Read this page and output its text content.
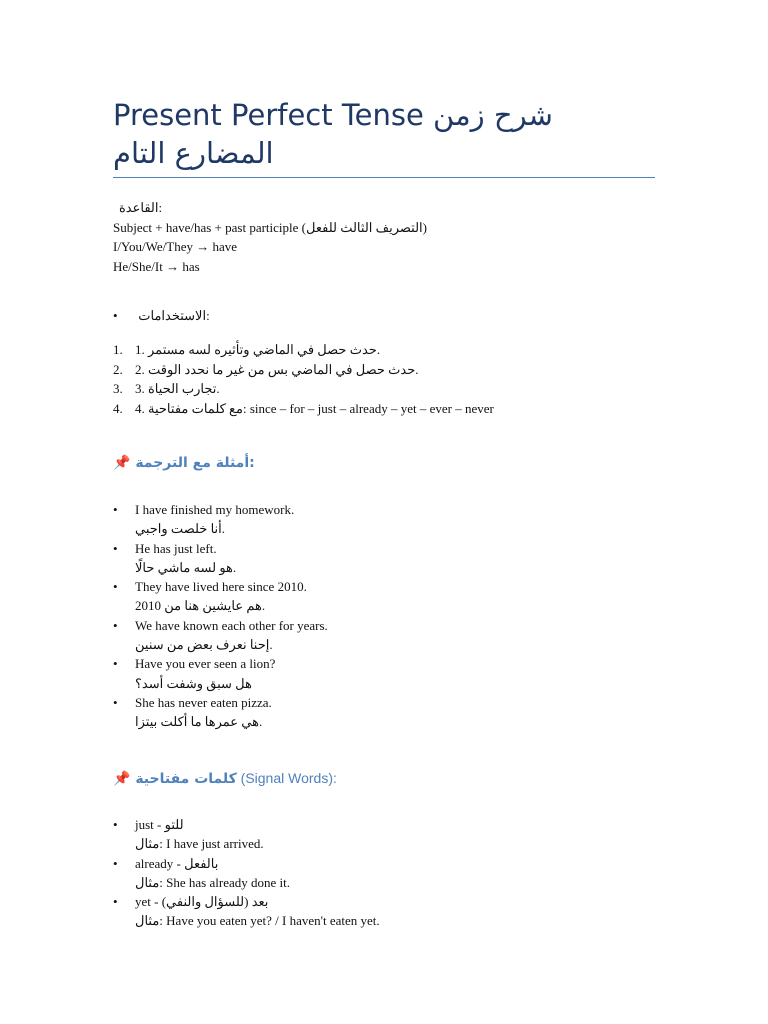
Present Perfect Tense شرح زمن المضارع التام
القاعدة:
Subject + have/has + past participle (التصريف الثالث للفعل)
I/You/We/They → have
He/She/It → has
• الاستخدامات:
1. 1. حدث حصل في الماضي وتأثيره لسه مستمر.
2. 2. حدث حصل في الماضي بس من غير ما نحدد الوقت.
3. 3. تجارب الحياة.
4. 4. مع كلمات مفتاحية: since – for – just – already – yet – ever – never
📌 أمثلة مع الترجمة:
• I have finished my homework.
أنا خلصت واجبي.
• He has just left.
هو لسه ماشي حالًا.
• They have lived here since 2010.
هم عايشين هنا من 2010.
• We have known each other for years.
إحنا نعرف بعض من سنين.
• Have you ever seen a lion?
هل سبق وشفت أسد؟
• She has never eaten pizza.
هي عمرها ما أكلت بيتزا.
📌 كلمات مفتاحية (Signal Words):
• just - للتو
مثال: I have just arrived.
• already - بالفعل
مثال: She has already done it.
• yet - بعد (للسؤال والنفي)
مثال: Have you eaten yet? / I haven't eaten yet.
